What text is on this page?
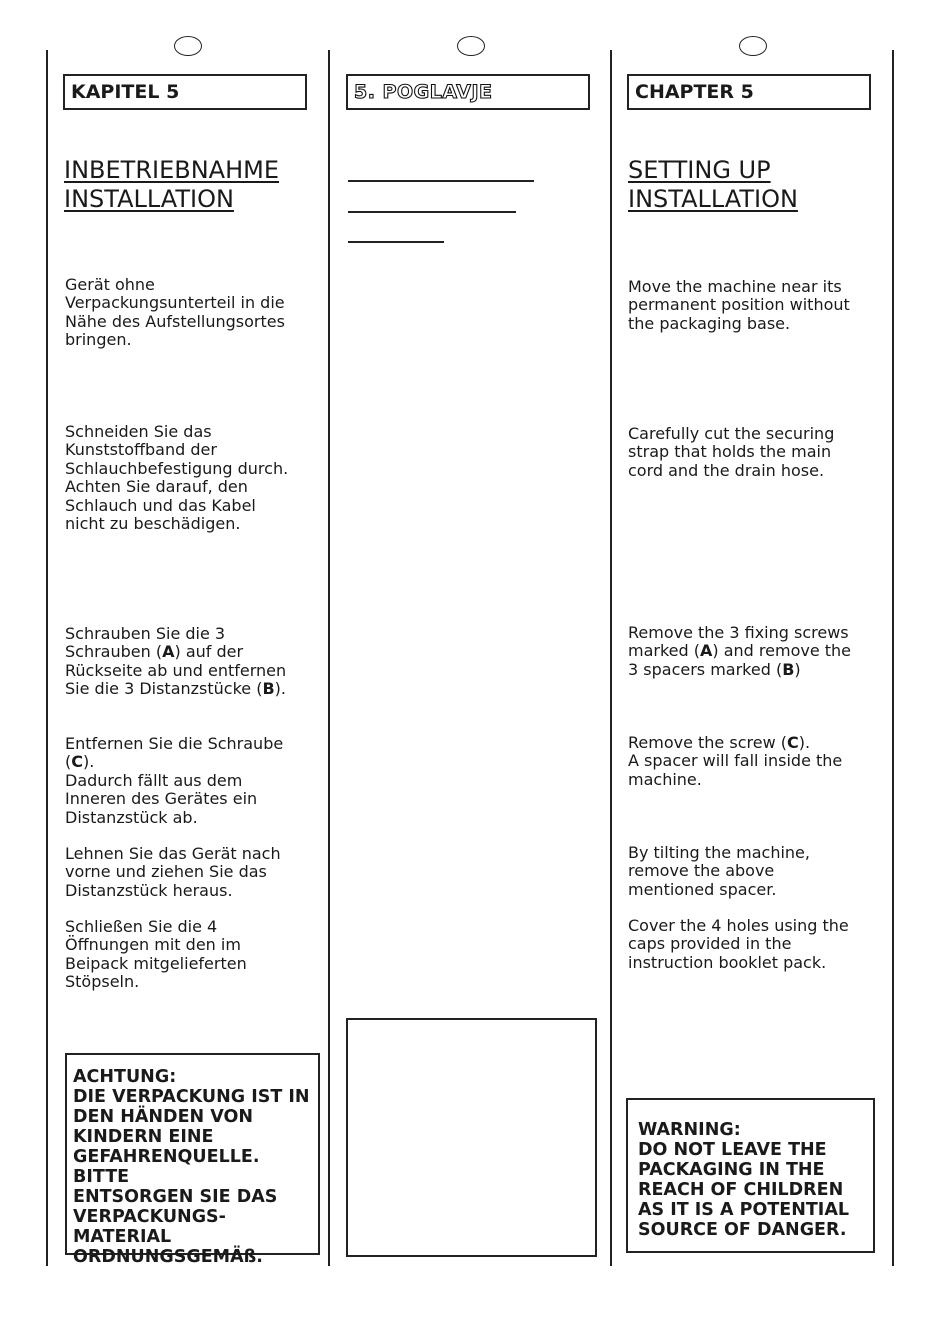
KAPITEL 5
INBETRIEBNAHME
INSTALLATION

Gerät ohne
Verpackungsunterteil in die
Nähe des Aufstellungsortes
bringen.

Schneiden Sie das
Kunststoffband der
Schlauchbefestigung durch.
Achten Sie darauf, den
Schlauch und das Kabel
nicht zu beschädigen.

Schrauben Sie die 3
Schrauben (A) auf der
Rückseite ab und entfernen
Sie die 3 Distanzstücke (B).

Entfernen Sie die Schraube
(C).
Dadurch fällt aus dem
Inneren des Gerätes ein
Distanzstück ab.

Lehnen Sie das Gerät nach
vorne und ziehen Sie das
Distanzstück heraus.

Schließen Sie die 4
Öffnungen mit den im
Beipack mitgelieferten
Stöpseln.

ACHTUNG:
DIE VERPACKUNG IST IN
DEN HÄNDEN VON
KINDERN EINE
GEFAHRENQUELLE. BITTE
ENTSORGEN SIE DAS
VERPACKUNGS-
MATERIAL
ORDNUNGSGEMÄß.

5. POGLAVJE	CHAPTER 5
SETTING UP
INSTALLATION

Move the machine near its
permanent position without
the packaging base.

Carefully cut the securing
strap that holds the main
cord and the drain hose.

Remove the 3 fixing screws
marked (A) and remove the
3 spacers marked (B)

Remove the screw (C).
A spacer will fall inside the
machine.

By tilting the machine,
remove the above
mentioned spacer.

Cover the 4 holes using the
caps provided in the
instruction booklet pack.

WARNING:
DO NOT LEAVE THE
PACKAGING IN THE
REACH OF CHILDREN
AS IT IS A POTENTIAL
SOURCE OF DANGER.
